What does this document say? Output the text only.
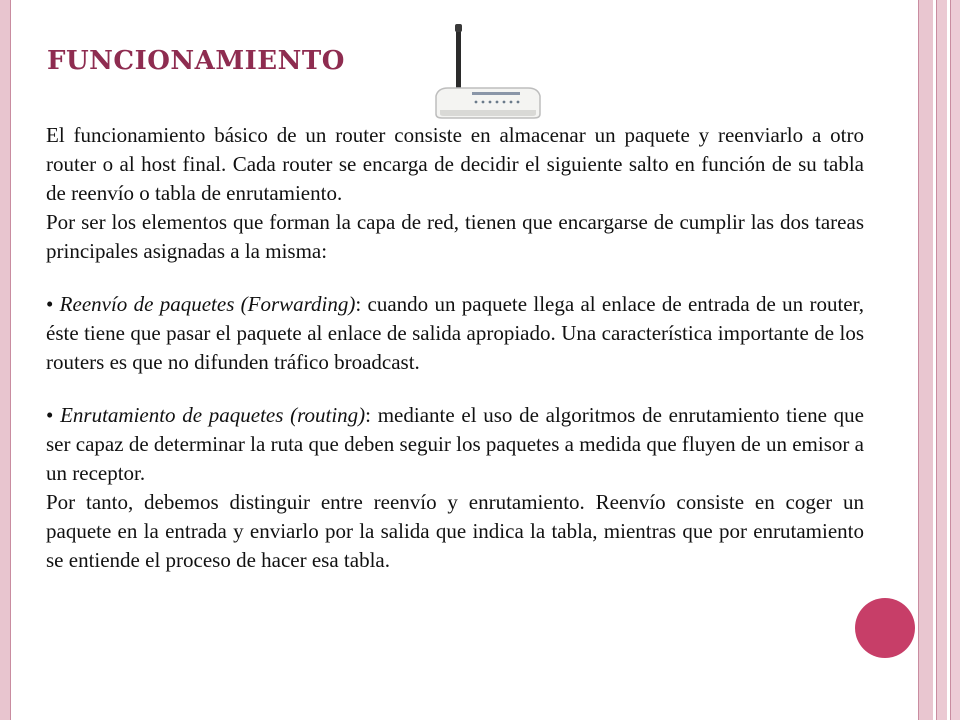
FUNCIONAMIENTO

El funcionamiento básico de un router consiste en almacenar un paquete y reenviarlo a otro router o al host final. Cada router se encarga de decidir el siguiente salto en función de su tabla de reenvío o tabla de enrutamiento.

Por ser los elementos que forman la capa de red, tienen que encargarse de cumplir las dos tareas principales asignadas a la misma:

• Reenvío de paquetes (Forwarding): cuando un paquete llega al enlace de entrada de un router, éste tiene que pasar el paquete al enlace de salida apropiado. Una característica importante de los routers es que no difunden tráfico broadcast.

• Enrutamiento de paquetes (routing): mediante el uso de algoritmos de enrutamiento tiene que ser capaz de determinar la ruta que deben seguir los paquetes a medida que fluyen de un emisor a un receptor.

Por tanto, debemos distinguir entre reenvío y enrutamiento. Reenvío consiste en coger un paquete en la entrada y enviarlo por la salida que indica la tabla, mientras que por enrutamiento se entiende el proceso de hacer esa tabla.
